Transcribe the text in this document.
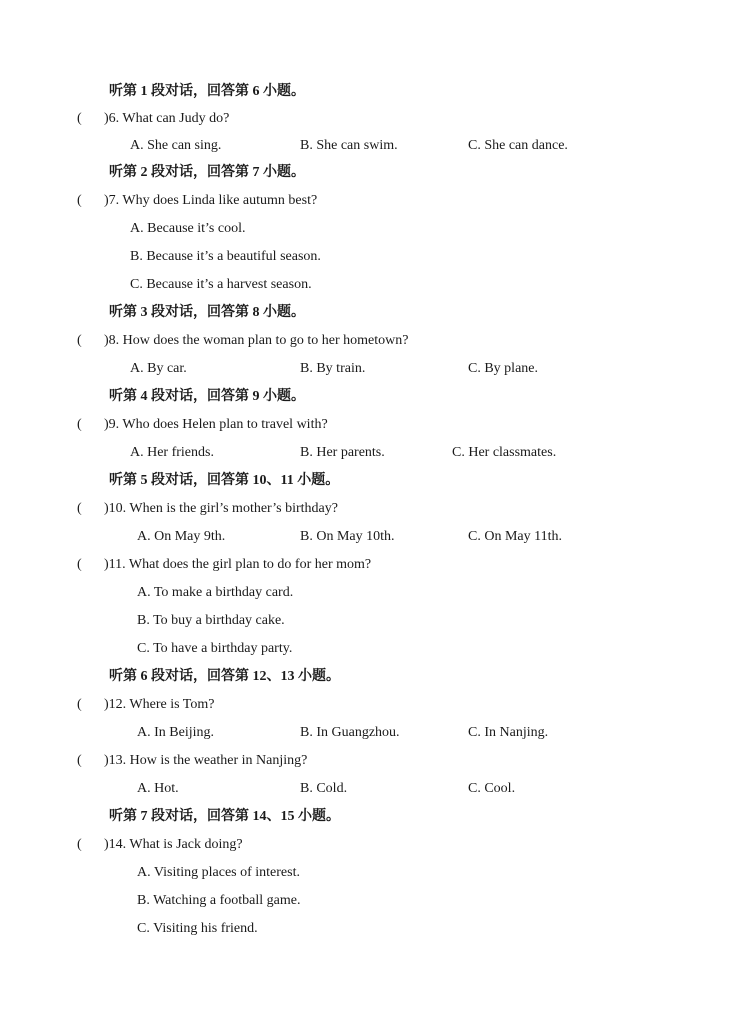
听第 1 段对话，回答第 6 小题。
( )6. What can Judy do?
A. She can sing.	B. She can swim.	C. She can dance.
听第 2 段对话，回答第 7 小题。
( )7. Why does Linda like autumn best?
A. Because it’s cool.
B. Because it’s a beautiful season.
C. Because it’s a harvest season.
听第 3 段对话，回答第 8 小题。
( )8. How does the woman plan to go to her hometown?
A. By car.	B. By train.	C. By plane.
听第 4 段对话，回答第 9 小题。
( )9. Who does Helen plan to travel with?
A. Her friends.	B. Her parents.	C. Her classmates.
听第 5 段对话，回答第 10、11 小题。
( )10. When is the girl’s mother’s birthday?
A. On May 9th.	B. On May 10th.	C. On May 11th.
( )11. What does the girl plan to do for her mom?
A. To make a birthday card.
B. To buy a birthday cake.
C. To have a birthday party.
听第 6 段对话，回答第 12、13 小题。
( )12. Where is Tom?
A. In Beijing.	B. In Guangzhou.	C. In Nanjing.
( )13. How is the weather in Nanjing?
A. Hot.	B. Cold.	C. Cool.
听第 7 段对话，回答第 14、15 小题。
( )14. What is Jack doing?
A. Visiting places of interest.
B. Watching a football game.
C. Visiting his friend.
